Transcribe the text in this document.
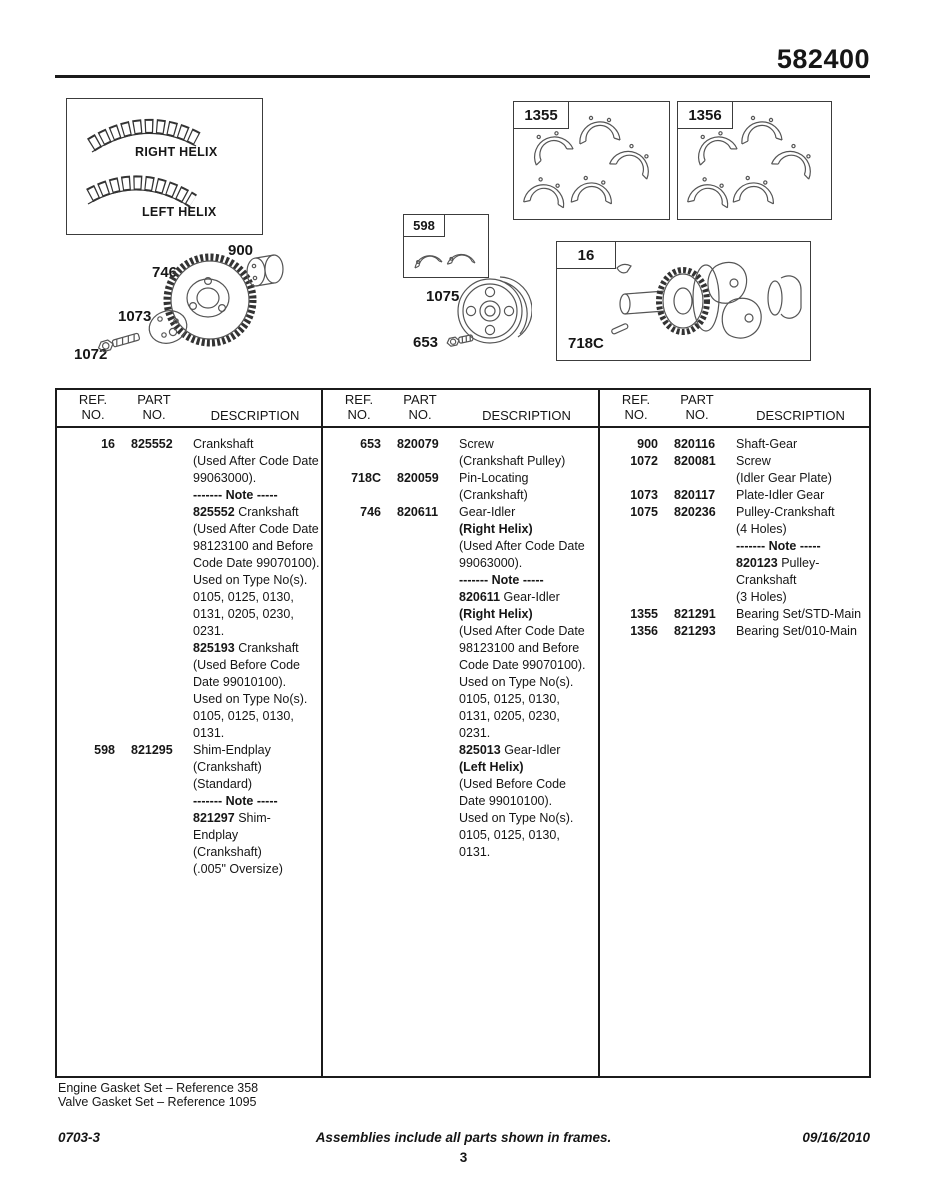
582400
RIGHT HELIX
LEFT HELIX
1355	1356
598
16
718C
900
746
1073
1072
1075
653
REF.
NO.
PART
NO.	DESCRIPTION
REF.
NO.
PART
NO.	DESCRIPTION
REF.
NO.
PART
NO.	DESCRIPTION
16	825552	Crankshaft
(Used After Code Date
99063000).
------- Note -----
825552 Crankshaft
(Used After Code Date
98123100 and Before
Code Date 99070100).
Used on Type No(s).
0105, 0125, 0130,
0131, 0205, 0230,
0231.
825193 Crankshaft
(Used Before Code
Date 99010100).
Used on Type No(s).
0105, 0125, 0130,
0131.
598	821295	Shim-Endplay
(Crankshaft)
(Standard)
------- Note -----
821297 Shim-
Endplay
(Crankshaft)
(.005" Oversize)
653	820079	Screw
(Crankshaft Pulley)
718C	820059	Pin-Locating
(Crankshaft)
746	820611	Gear-Idler
(Right Helix)
(Used After Code Date
99063000).
------- Note -----
820611 Gear-Idler
(Right Helix)
(Used After Code Date
98123100 and Before
Code Date 99070100).
Used on Type No(s).
0105, 0125, 0130,
0131, 0205, 0230,
0231.
825013 Gear-Idler
(Left Helix)
(Used Before Code
Date 99010100).
Used on Type No(s).
0105, 0125, 0130,
0131.
900	820116	Shaft-Gear
1072	820081	Screw
(Idler Gear Plate)
1073	820117	Plate-Idler Gear
1075	820236	Pulley-Crankshaft
(4 Holes)
------- Note -----
820123 Pulley-
Crankshaft
(3 Holes)
1355	821291	Bearing Set/STD-Main
1356	821293	Bearing Set/010-Main
Engine Gasket Set – Reference 358
Valve Gasket Set – Reference 1095
0703-3	Assemblies include all parts shown in frames.	09/16/2010
3
